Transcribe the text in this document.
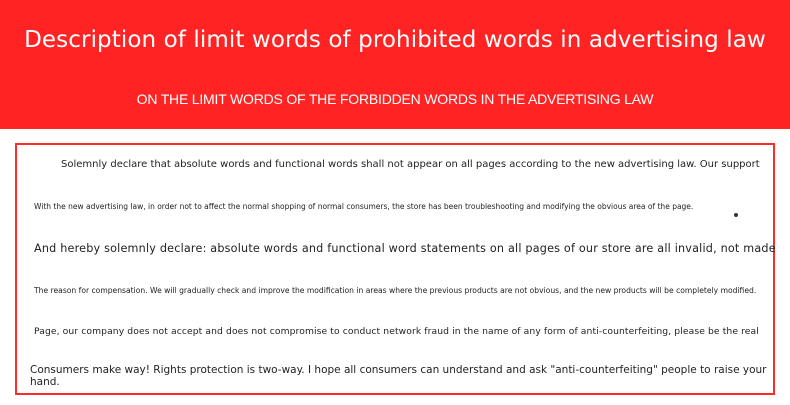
Description of limit words of prohibited words in advertising law
ON THE LIMIT WORDS OF THE FORBIDDEN WORDS IN THE ADVERTISING LAW
Solemnly declare that absolute words and functional words shall not appear on all pages according to the new advertising law. Our support
With the new advertising law, in order not to affect the normal shopping of normal consumers, the store has been troubleshooting and modifying the obvious area of the page.
And hereby solemnly declare: absolute words and functional word statements on all pages of our store are all invalid, not made
The reason for compensation. We will gradually check and improve the modification in areas where the previous products are not obvious, and the new products will be completely modified.
Page, our company does not accept and does not compromise to conduct network fraud in the name of any form of anti-counterfeiting, please be the real
Consumers make way! Rights protection is two-way. I hope all consumers can understand and ask "anti-counterfeiting" people to raise your hand.
